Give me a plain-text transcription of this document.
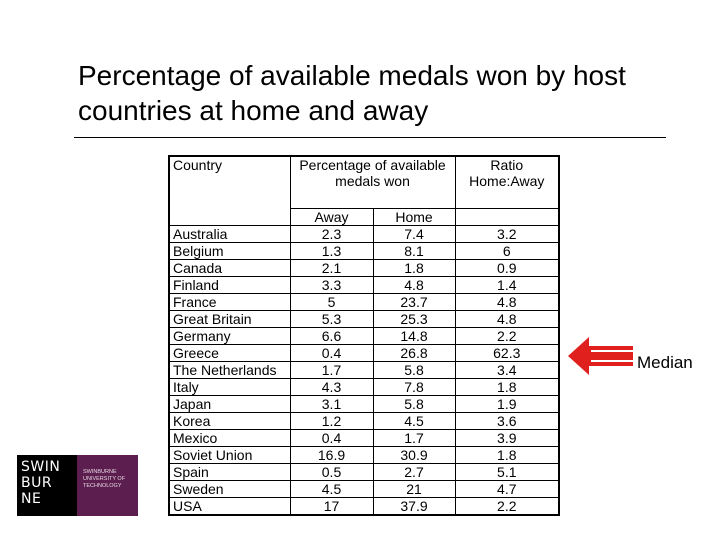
Percentage of available medals won by host countries at home and away
Country	Percentage of available medals won		Ratio Home:Away

	Away	Home	
Australia	2.3	7.4	3.2
Belgium	1.3	8.1	6
Canada	2.1	1.8	0.9
Finland	3.3	4.8	1.4
France	5	23.7	4.8
Great Britain	5.3	25.3	4.8
Germany	6.6	14.8	2.2
Greece	0.4	26.8	62.3
The Netherlands	1.7	5.8	3.4
Italy	4.3	7.8	1.8
Japan	3.1	5.8	1.9
Korea	1.2	4.5	3.6
Mexico	0.4	1.7	3.9
Soviet Union	16.9	30.9	1.8
Spain	0.5	2.7	5.1
Sweden	4.5	21	4.7
USA	17	37.9	2.2
Median
SWIN
BUR
NE
SWINBURNE
UNIVERSITY OF
TECHNOLOGY
